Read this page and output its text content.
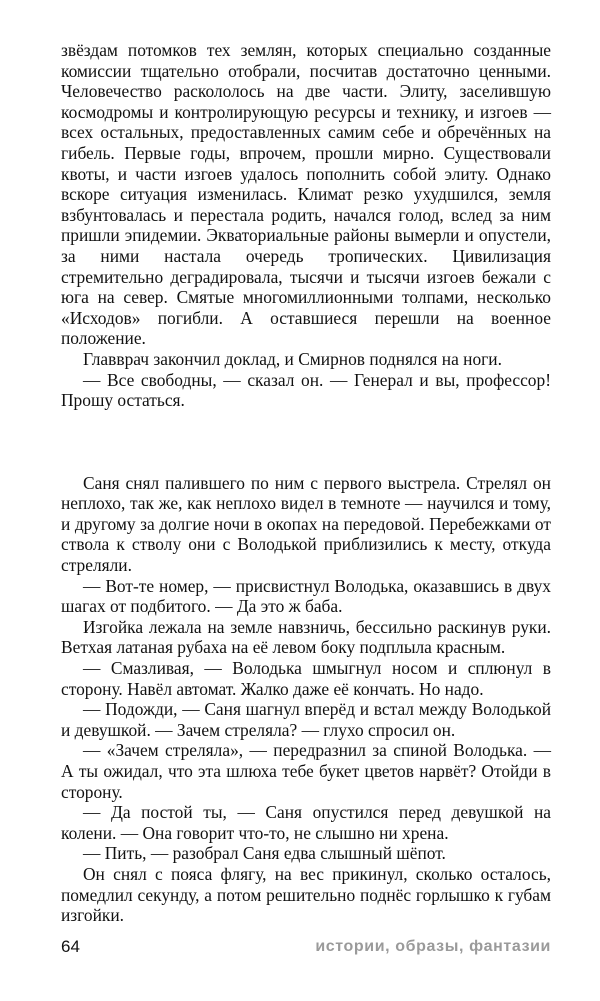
звёздам потомков тех землян, которых специально созданные комиссии тщательно отобрали, посчитав достаточно ценными. Человечество раскололось на две части. Элиту, заселившую космодромы и контролирующую ресурсы и технику, и изгоев — всех остальных, предоставленных самим себе и обречённых на гибель. Первые годы, впрочем, прошли мирно. Существовали квоты, и части изгоев удалось пополнить собой элиту. Однако вскоре ситуация изменилась. Климат резко ухудшился, земля взбунтовалась и перестала родить, начался голод, вслед за ним пришли эпидемии. Экваториальные районы вымерли и опустели, за ними настала очередь тропических. Цивилизация стремительно деградировала, тысячи и тысячи изгоев бежали с юга на север. Смятые многомиллионными толпами, несколько «Исходов» погибли. А оставшиеся перешли на военное положение.

Главврач закончил доклад, и Смирнов поднялся на ноги.

— Все свободны, — сказал он. — Генерал и вы, профессор! Прошу остаться.

Саня снял палившего по ним с первого выстрела. Стрелял он неплохо, так же, как неплохо видел в темноте — научился и тому, и другому за долгие ночи в окопах на передовой. Перебежками от ствола к стволу они с Володькой приблизились к месту, откуда стреляли.

— Вот-те номер, — присвистнул Володька, оказавшись в двух шагах от подбитого. — Да это ж баба.

Изгойка лежала на земле навзничь, бессильно раскинув руки. Ветхая латаная рубаха на её левом боку подплыла красным.

— Смазливая, — Володька шмыгнул носом и сплюнул в сторону. Навёл автомат. Жалко даже её кончать. Но надо.

— Подожди, — Саня шагнул вперёд и встал между Володькой и девушкой. — Зачем стреляла? — глухо спросил он.

— «Зачем стреляла», — передразнил за спиной Володька. — А ты ожидал, что эта шлюха тебе букет цветов нарвёт? Отойди в сторону.

— Да постой ты, — Саня опустился перед девушкой на колени. — Она говорит что-то, не слышно ни хрена.

— Пить, — разобрал Саня едва слышный шёпот.

Он снял с пояса флягу, на вес прикинул, сколько осталось, помедлил секунду, а потом решительно поднёс горлышко к губам изгойки.

64	истории, образы, фантазии
